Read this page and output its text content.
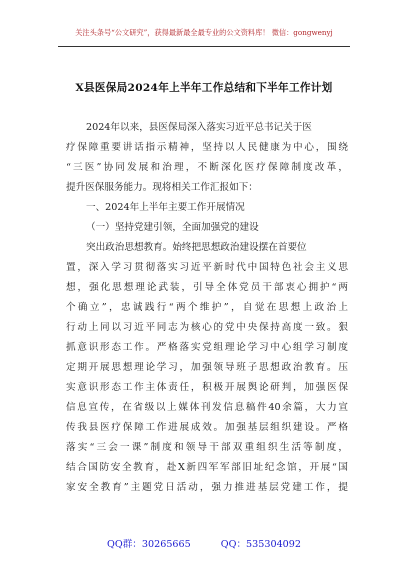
关注头条号“公文研究”，获得最新最全最专业的公文资料库！ 微信：gongwenyj
X县医保局2024年上半年工作总结和下半年工作计划
2024年以来，县医保局深入落实习近平总书记关于医
疗保障重要讲话指示精神，坚持以人民健康为中心，围绕
“三医”协同发展和治理，不断深化医疗保障制度改革，
提升医保服务能力。现将相关工作汇报如下：
一、2024年上半年主要工作开展情况
（一）坚持党建引领，全面加强党的建设
突出政治思想教育。始终把思想政治建设摆在首要位
置，深入学习贯彻落实习近平新时代中国特色社会主义思
想，强化思想理论武装，引导全体党员干部衷心拥护“两
个确立”，忠诚践行“两个维护”，自觉在思想上政治上
行动上同以习近平同志为核心的党中央保持高度一致。狠
抓意识形态工作。严格落实党组理论学习中心组学习制度
定期开展思想理论学习，加强领导班子思想政治教育。压
实意识形态工作主体责任，积极开展舆论研判，加强医保
信息宣传，在省级以上媒体刊发信息稿件40余篇，大力宣
传我县医疗保障工作进展成效。加强基层组织建设。严格
落实“三会一课”制度和领导干部双重组织生活等制度，
结合国防安全教育，赴X新四军军部旧址纪念馆，开展“国
家安全教育”主题党日活动，强力推进基层党建工作，提
QQ群：30265665	QQ：535304092
